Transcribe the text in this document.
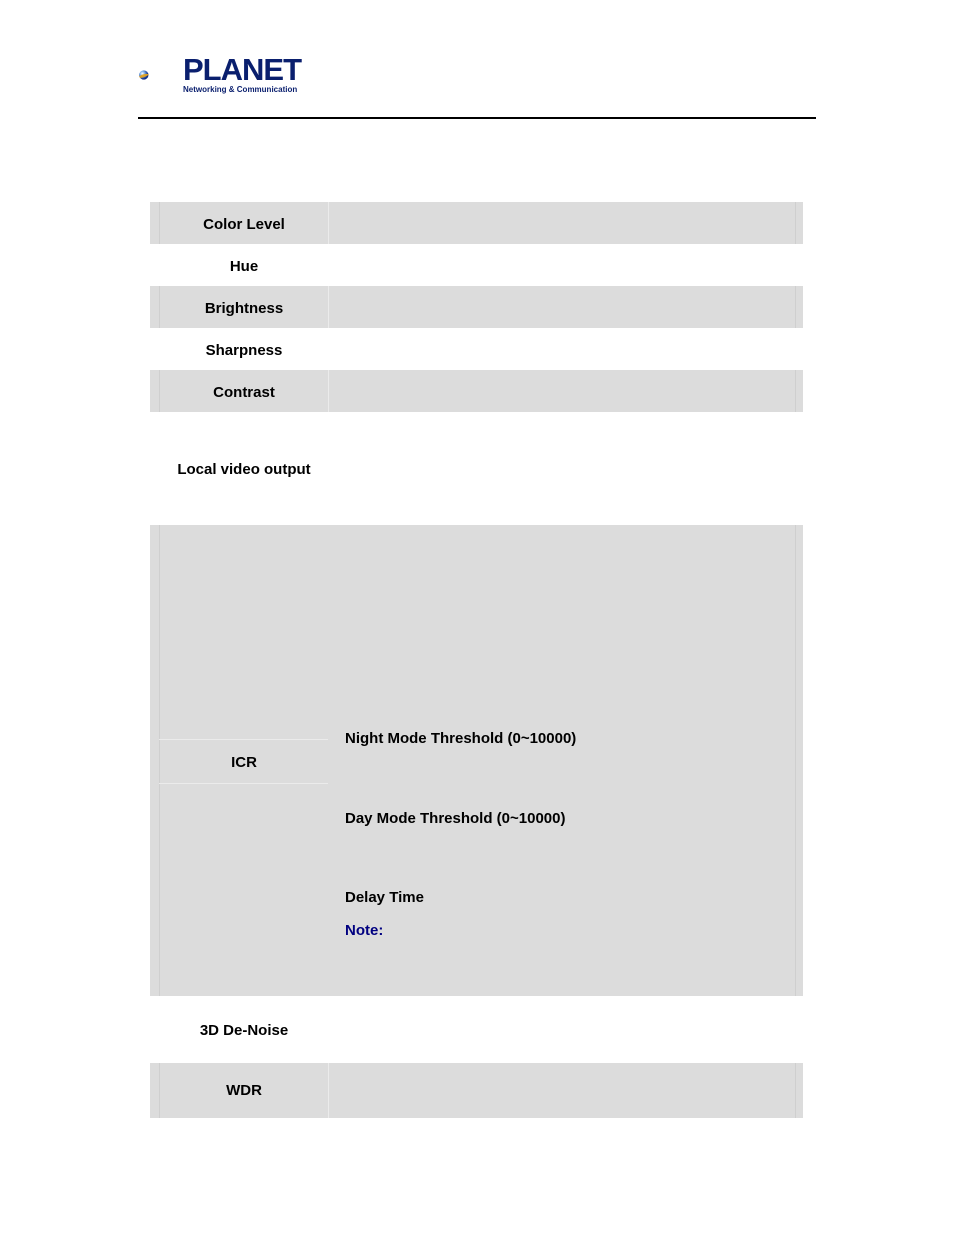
PLANET
Networking & Communication
Color Level
Hue
Brightness
Sharpness
Contrast
Local video output
ICR
Night Mode Threshold (0~10000)
Day Mode Threshold (0~10000)
Delay Time
Note:
3D De-Noise
WDR
